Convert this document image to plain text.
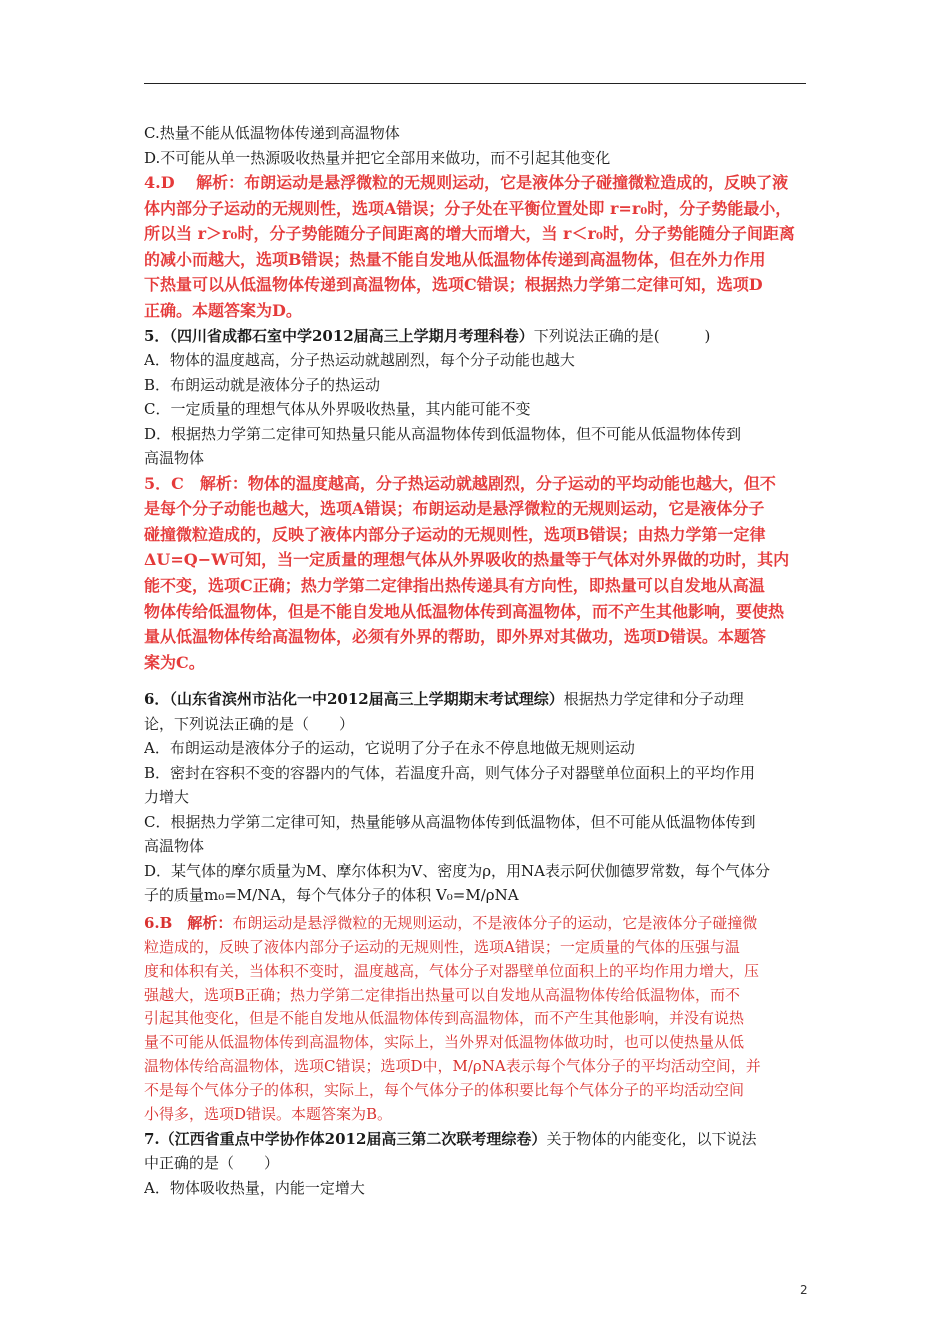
C.热量不能从低温物体传递到高温物体

D.不可能从单一热源吸收热量并把它全部用来做功，而不引起其他变化

4.D　 解析：布朗运动是悬浮微粒的无规则运动，它是液体分子碰撞微粒造成的，反映了液

体内部分子运动的无规则性，选项A错误；分子处在平衡位置处即 r=r₀时，分子势能最小，

所以当 r＞r₀时，分子势能随分子间距离的增大而增大，当 r＜r₀时，分子势能随分子间距离

的减小而越大，选项B错误；热量不能自发地从低温物体传递到高温物体，但在外力作用

下热量可以从低温物体传递到高温物体，选项C错误；根据热力学第二定律可知，选项D

正确。本题答案为D。

5．（四川省成都石室中学2012届高三上学期月考理科卷）下列说法正确的是(　　　)

A．物体的温度越高，分子热运动就越剧烈，每个分子动能也越大

B．布朗运动就是液体分子的热运动

C．一定质量的理想气体从外界吸收热量，其内能可能不变

D．根据热力学第二定律可知热量只能从高温物体传到低温物体，但不可能从低温物体传到

高温物体

5．C　解析：物体的温度越高，分子热运动就越剧烈，分子运动的平均动能也越大，但不

是每个分子动能也越大，选项A错误；布朗运动是悬浮微粒的无规则运动，它是液体分子

碰撞微粒造成的，反映了液体内部分子运动的无规则性，选项B错误；由热力学第一定律

ΔU=Q−W可知，当一定质量的理想气体从外界吸收的热量等于气体对外界做的功时，其内

能不变，选项C正确；热力学第二定律指出热传递具有方向性，即热量可以自发地从高温

物体传给低温物体，但是不能自发地从低温物体传到高温物体，而不产生其他影响，要使热

量从低温物体传给高温物体，必须有外界的帮助，即外界对其做功，选项D错误。本题答

案为C。

6．（山东省滨州市沾化一中2012届高三上学期期末考试理综）根据热力学定律和分子动理

论，下列说法正确的是（　　）

A．布朗运动是液体分子的运动，它说明了分子在永不停息地做无规则运动

B．密封在容积不变的容器内的气体，若温度升高，则气体分子对器壁单位面积上的平均作用

力增大

C．根据热力学第二定律可知，热量能够从高温物体传到低温物体，但不可能从低温物体传到

高温物体

D．某气体的摩尔质量为M、摩尔体积为V、密度为ρ，用NA表示阿伏伽德罗常数，每个气体分

子的质量m₀=M/NA，每个气体分子的体积 V₀=M/ρNA

6.B　解析：布朗运动是悬浮微粒的无规则运动，不是液体分子的运动，它是液体分子碰撞微

粒造成的，反映了液体内部分子运动的无规则性，选项A错误；一定质量的气体的压强与温

度和体积有关，当体积不变时，温度越高，气体分子对器壁单位面积上的平均作用力增大，压

强越大，选项B正确；热力学第二定律指出热量可以自发地从高温物体传给低温物体，而不

引起其他变化，但是不能自发地从低温物体传到高温物体，而不产生其他影响，并没有说热

量不可能从低温物体传到高温物体，实际上，当外界对低温物体做功时，也可以使热量从低

温物体传给高温物体，选项C错误；选项D中，M/ρNA表示每个气体分子的平均活动空间，并

不是每个气体分子的体积，实际上，每个气体分子的体积要比每个气体分子的平均活动空间

小得多，选项D错误。本题答案为B。

7.（江西省重点中学协作体2012届高三第二次联考理综卷）关于物体的内能变化，以下说法

中正确的是（　　）

A．物体吸收热量，内能一定增大

2
